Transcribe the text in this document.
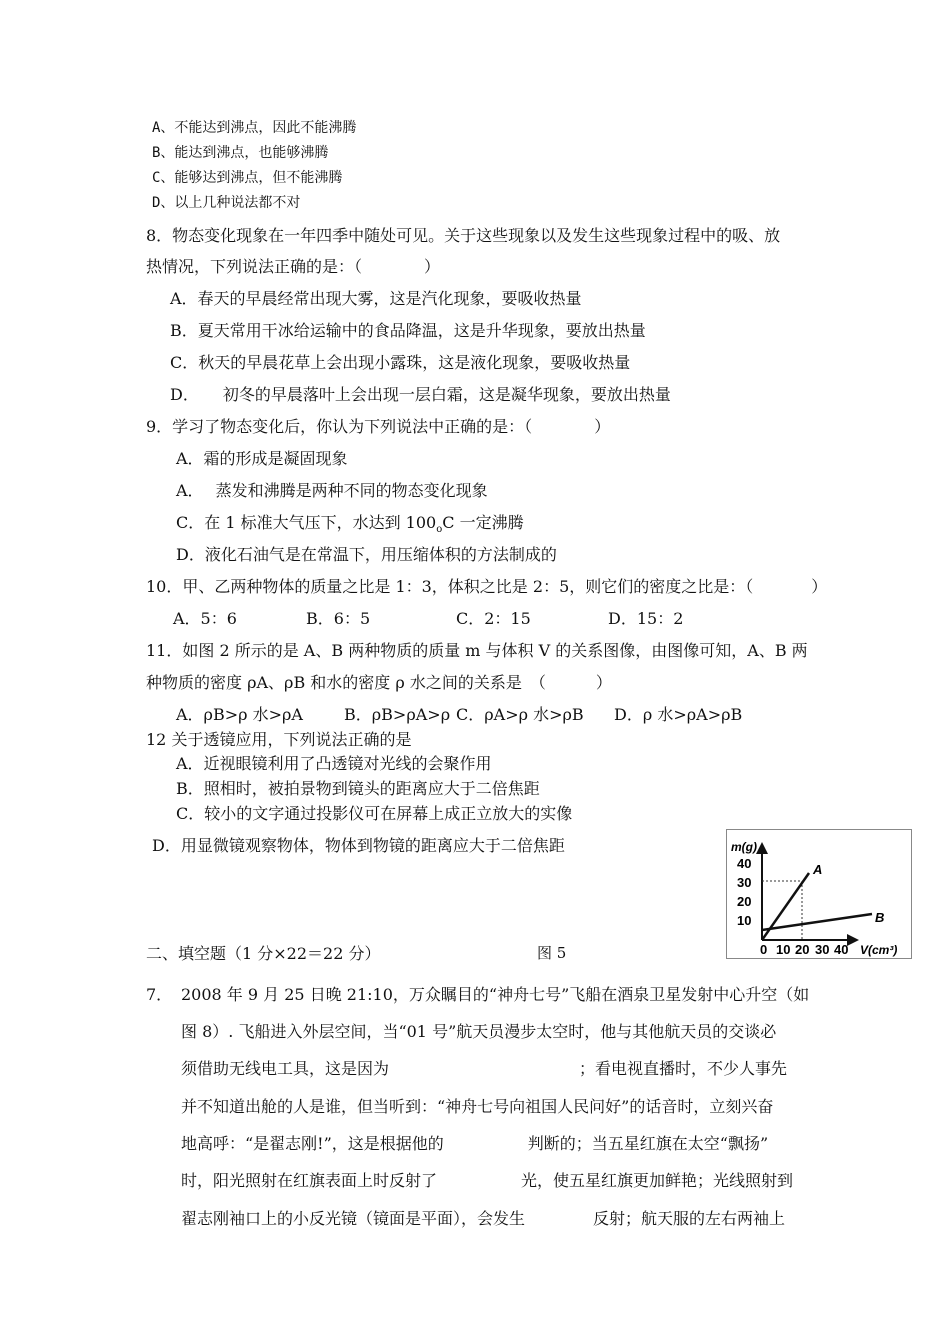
A、不能达到沸点，因此不能沸腾
B、能达到沸点，也能够沸腾
C、能够达到沸点，但不能沸腾
D、以上几种说法都不对
8．物态变化现象在一年四季中随处可见。关于这些现象以及发生这些现象过程中的吸、放
热情况，下列说法正确的是：（	）
A．春天的早晨经常出现大雾，这是汽化现象，要吸收热量
B．夏天常用干冰给运输中的食品降温，这是升华现象，要放出热量
C．秋天的早晨花草上会出现小露珠，这是液化现象，要吸收热量
D． 初冬的早晨落叶上会出现一层白霜，这是凝华现象，要放出热量
9．学习了物态变化后，你认为下列说法中正确的是：（	）
A．霜的形成是凝固现象
A． 蒸发和沸腾是两种不同的物态变化现象
C．在 1 标准大气压下，水达到 $100_oC$ 一定沸腾
D．液化石油气是在常温下，用压缩体积的方法制成的
10．甲、乙两种物体的质量之比是 1：3，体积之比是 2：5，则它们的密度之比是：（	）
A．5：6	B．6：5	C．2：15	D．15：2
11．如图 2 所示的是 A、B 两种物质的质量 m 与体积 V 的关系图像，由图像可知，A、B 两
种物质的密度 ρA、ρB 和水的密度 ρ 水之间的关系是　（	）
A．ρB>ρ 水>ρA	B．ρB>ρA>ρ C．ρA>ρ 水>ρB D．ρ 水>ρA>ρB
12 关于透镜应用，下列说法正确的是
A．近视眼镜利用了凸透镜对光线的会聚作用
B．照相时，被拍景物到镜头的距离应大于二倍焦距
C．较小的文字通过投影仪可在屏幕上成正立放大的实像
D．用显微镜观察物体，物体到物镜的距离应大于二倍焦距	m(g)
40
30
20
10
0 10 20 30 40 V(cm³)
A
B
二、填空题（1 分×22＝22 分）	图 5
7． 2008 年 9 月 25 日晚 21:10，万众瞩目的“神舟七号”飞船在酒泉卫星发射中心升空（如
图 8）. 飞船进入外层空间，当“01 号”航天员漫步太空时，他与其他航天员的交谈必
须借助无线电工具，这是因为	；看电视直播时，不少人事先
并不知道出舱的人是谁，但当听到：“神舟七号向祖国人民问好”的话音时，立刻兴奋
地高呼：“是翟志刚!”，这是根据他的	判断的；当五星红旗在太空“飘扬”
时，阳光照射在红旗表面上时反射了	光，使五星红旗更加鲜艳；光线照射到
翟志刚袖口上的小反光镜（镜面是平面），会发生	反射；航天服的左右两袖上
